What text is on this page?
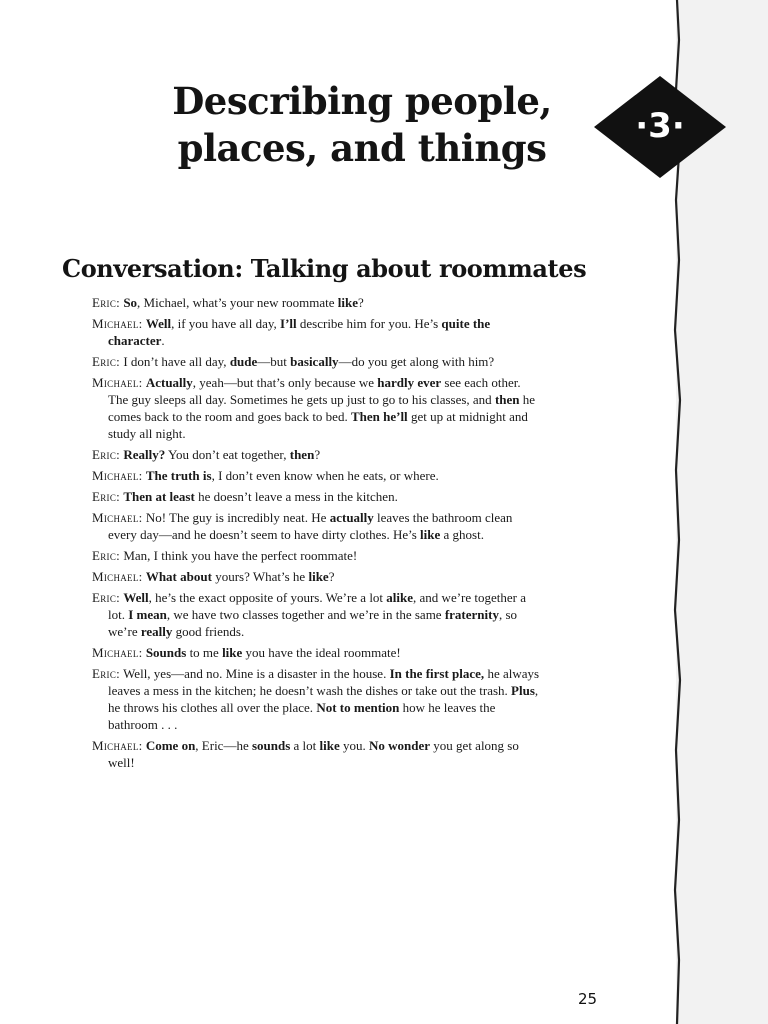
Describing people,
places, and things	·3·
Conversation: Talking about roommates
Eric: So, Michael, what’s your new roommate like?
Michael: Well, if you have all day, I’ll describe him for you. He’s quite the character.
Eric: I don’t have all day, dude—but basically—do you get along with him?
Michael: Actually, yeah—but that’s only because we hardly ever see each other. The guy sleeps all day. Sometimes he gets up just to go to his classes, and then he comes back to the room and goes back to bed. Then he’ll get up at midnight and study all night.
Eric: Really? You don’t eat together, then?
Michael: The truth is, I don’t even know when he eats, or where.
Eric: Then at least he doesn’t leave a mess in the kitchen.
Michael: No! The guy is incredibly neat. He actually leaves the bathroom clean every day—and he doesn’t seem to have dirty clothes. He’s like a ghost.
Eric: Man, I think you have the perfect roommate!
Michael: What about yours? What’s he like?
Eric: Well, he’s the exact opposite of yours. We’re a lot alike, and we’re together a lot. I mean, we have two classes together and we’re in the same fraternity, so we’re really good friends.
Michael: Sounds to me like you have the ideal roommate!
Eric: Well, yes—and no. Mine is a disaster in the house. In the first place, he always leaves a mess in the kitchen; he doesn’t wash the dishes or take out the trash. Plus, he throws his clothes all over the place. Not to mention how he leaves the bathroom . . .
Michael: Come on, Eric—he sounds a lot like you. No wonder you get along so well!
25
